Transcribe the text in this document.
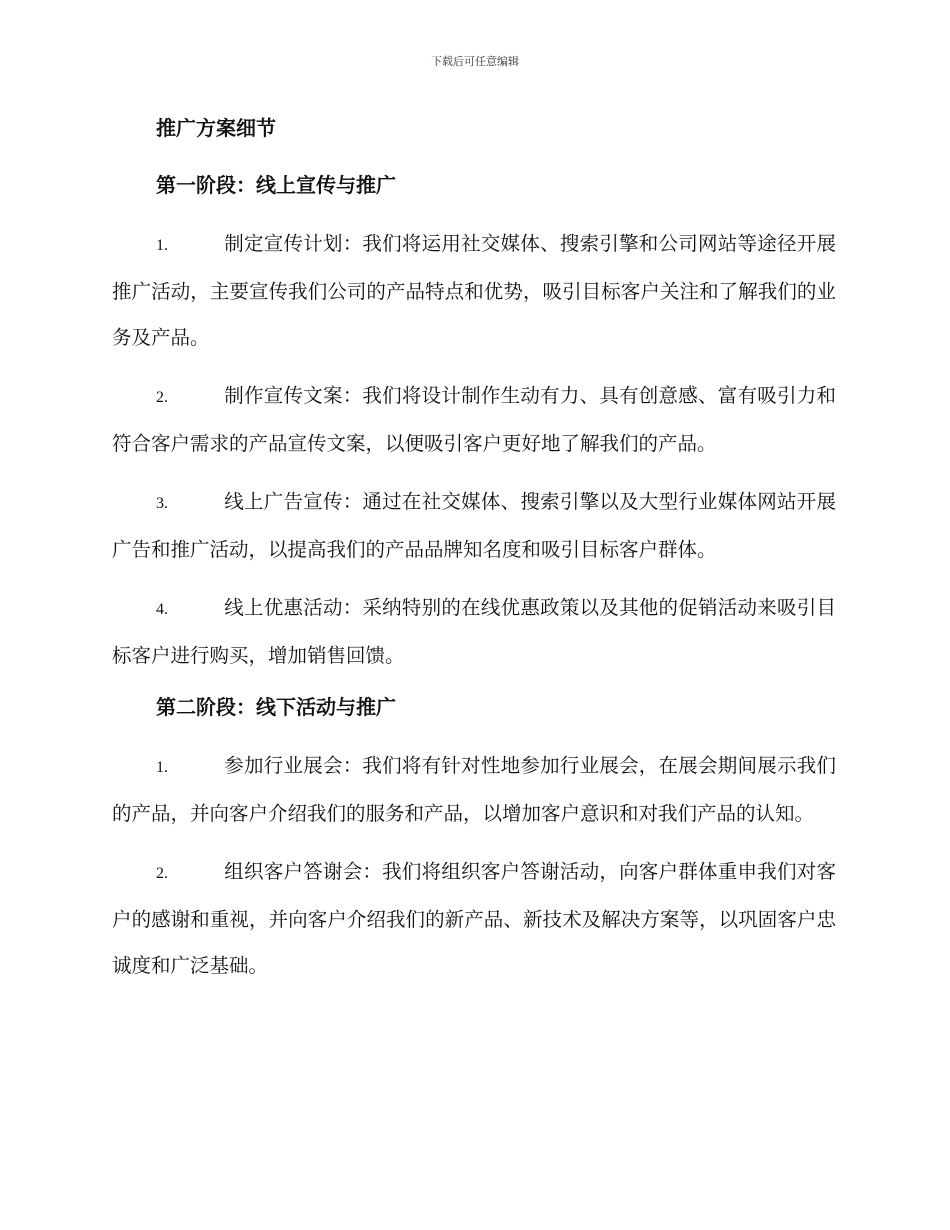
下载后可任意编辑
推广方案细节
第一阶段：线上宣传与推广

1.	制定宣传计划：我们将运用社交媒体、搜索引擎和公司网站等途径开展推广活动，主要宣传我们公司的产品特点和优势，吸引目标客户关注和了解我们的业务及产品。

2.	制作宣传文案：我们将设计制作生动有力、具有创意感、富有吸引力和符合客户需求的产品宣传文案，以便吸引客户更好地了解我们的产品。

3.	线上广告宣传：通过在社交媒体、搜索引擎以及大型行业媒体网站开展广告和推广活动，以提高我们的产品品牌知名度和吸引目标客户群体。

4.	线上优惠活动：采纳特别的在线优惠政策以及其他的促销活动来吸引目标客户进行购买，增加销售回馈。

第二阶段：线下活动与推广

1.	参加行业展会：我们将有针对性地参加行业展会，在展会期间展示我们的产品，并向客户介绍我们的服务和产品，以增加客户意识和对我们产品的认知。

2.	组织客户答谢会：我们将组织客户答谢活动，向客户群体重申我们对客户的感谢和重视，并向客户介绍我们的新产品、新技术及解决方案等，以巩固客户忠诚度和广泛基础。
